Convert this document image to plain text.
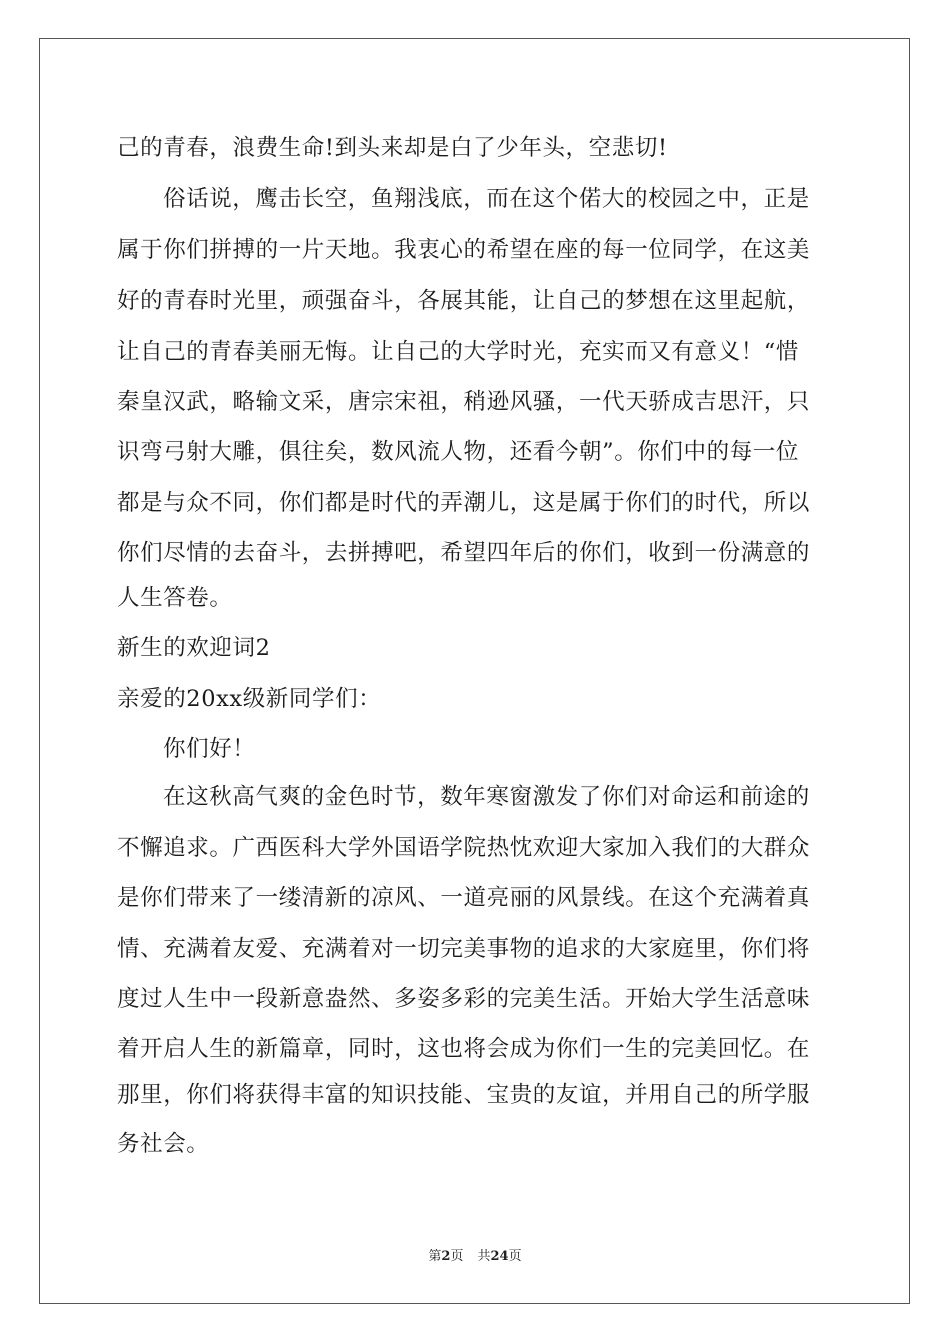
己的青春，浪费生命!到头来却是白了少年头，空悲切!
俗话说，鹰击长空，鱼翔浅底，而在这个偌大的校园之中，正是
属于你们拼搏的一片天地。我衷心的希望在座的每一位同学，在这美
好的青春时光里，顽强奋斗，各展其能，让自己的梦想在这里起航，
让自己的青春美丽无悔。让自己的大学时光，充实而又有意义！“惜
秦皇汉武，略输文采，唐宗宋祖，稍逊风骚，一代天骄成吉思汗，只
识弯弓射大雕，俱往矣，数风流人物，还看今朝”。你们中的每一位
都是与众不同，你们都是时代的弄潮儿，这是属于你们的时代，所以
你们尽情的去奋斗，去拼搏吧，希望四年后的你们，收到一份满意的
人生答卷。
新生的欢迎词2
亲爱的20xx级新同学们：
你们好！
在这秋高气爽的金色时节，数年寒窗激发了你们对命运和前途的
不懈追求。广西医科大学外国语学院热忱欢迎大家加入我们的大群众
是你们带来了一缕清新的凉风、一道亮丽的风景线。在这个充满着真
情、充满着友爱、充满着对一切完美事物的追求的大家庭里，你们将
度过人生中一段新意盎然、多姿多彩的完美生活。开始大学生活意味
着开启人生的新篇章，同时，这也将会成为你们一生的完美回忆。在
那里，你们将获得丰富的知识技能、宝贵的友谊，并用自己的所学服
务社会。
第2页 共24页
